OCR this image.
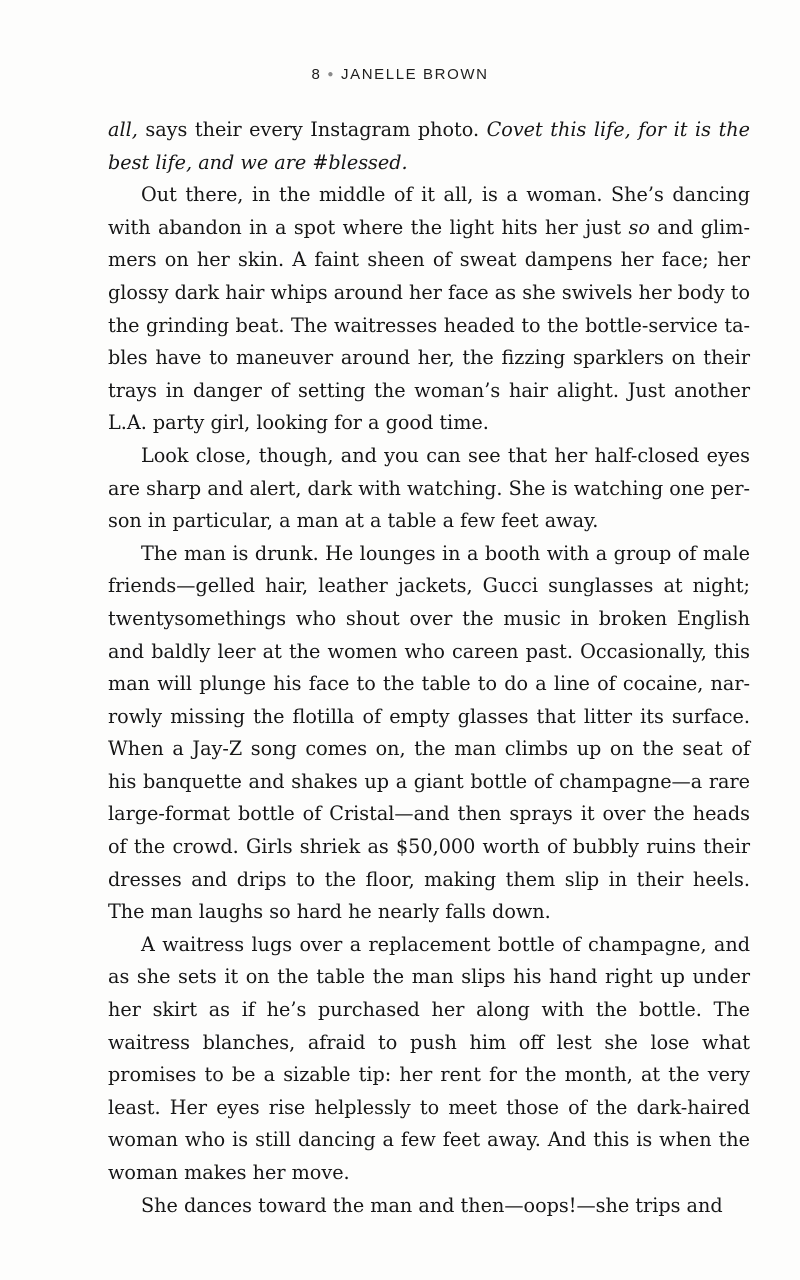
8 ● JANELLE BROWN

all, says their every Instagram photo. Covet this life, for it is the best life, and we are #blessed.

Out there, in the middle of it all, is a woman. She’s dancing with abandon in a spot where the light hits her just so and glimmers on her skin. A faint sheen of sweat dampens her face; her glossy dark hair whips around her face as she swivels her body to the grinding beat. The waitresses headed to the bottle-service tables have to maneuver around her, the fizzing sparklers on their trays in danger of setting the woman’s hair alight. Just another L.A. party girl, looking for a good time.

Look close, though, and you can see that her half-closed eyes are sharp and alert, dark with watching. She is watching one person in particular, a man at a table a few feet away.

The man is drunk. He lounges in a booth with a group of male friends—gelled hair, leather jackets, Gucci sunglasses at night; twentysomethings who shout over the music in broken English and baldly leer at the women who careen past. Occasionally, this man will plunge his face to the table to do a line of cocaine, narrowly missing the flotilla of empty glasses that litter its surface. When a Jay-Z song comes on, the man climbs up on the seat of his banquette and shakes up a giant bottle of champagne—a rare large-format bottle of Cristal—and then sprays it over the heads of the crowd. Girls shriek as $50,000 worth of bubbly ruins their dresses and drips to the floor, making them slip in their heels. The man laughs so hard he nearly falls down.

A waitress lugs over a replacement bottle of champagne, and as she sets it on the table the man slips his hand right up under her skirt as if he’s purchased her along with the bottle. The waitress blanches, afraid to push him off lest she lose what promises to be a sizable tip: her rent for the month, at the very least. Her eyes rise helplessly to meet those of the dark-haired woman who is still dancing a few feet away. And this is when the woman makes her move.

She dances toward the man and then—oops!—she trips and
